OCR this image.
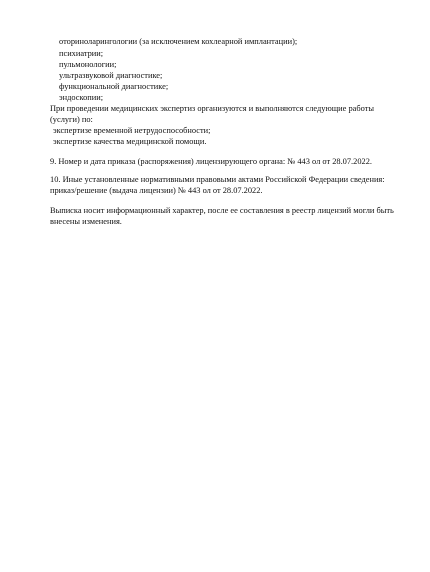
оториноларингологии (за исключением кохлеарной имплантации);
психиатрии;
пульмонологии;
ультразвуковой диагностике;
функциональной диагностике;
эндоскопии;
При проведении медицинских экспертиз организуются и выполняются следующие работы
(услуги) по:
экспертизе временной нетрудоспособности;
экспертизе качества медицинской помощи.
9. Номер и дата приказа (распоряжения) лицензирующего органа: № 443 ол от 28.07.2022.
10. Иные установленные нормативными правовыми актами Российской Федерации сведения:
приказ/решение (выдача лицензии) № 443 ол от 28.07.2022.
Выписка носит информационный характер, после ее составления в реестр лицензий могли быть
внесены изменения.
